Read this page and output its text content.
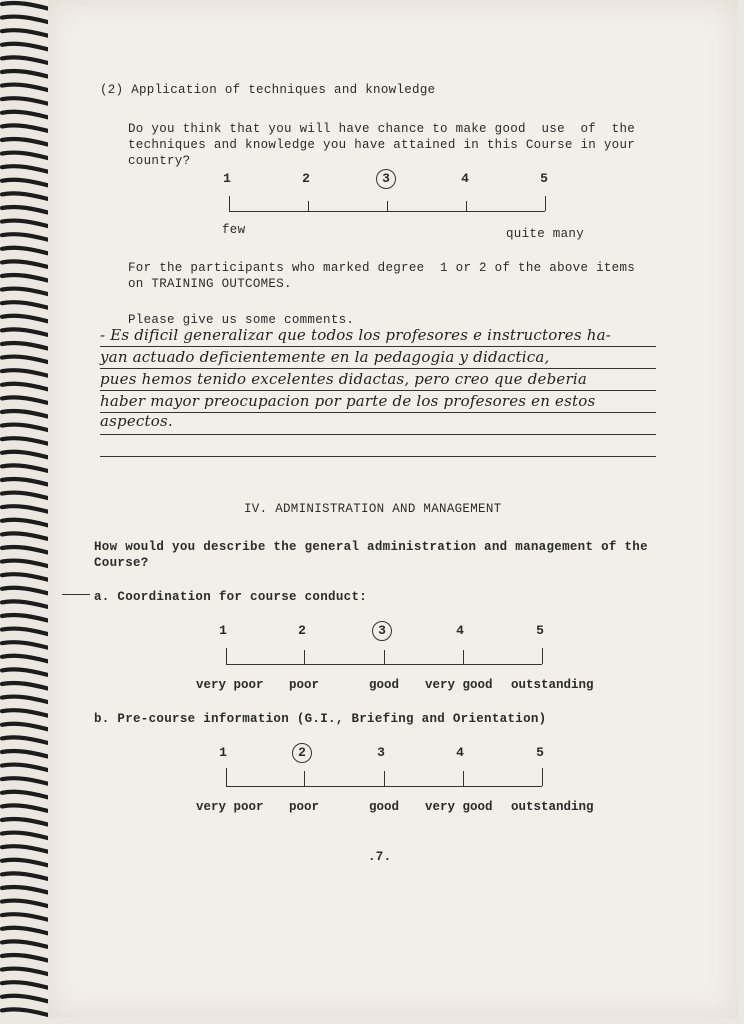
(2) Application of techniques and knowledge
Do you think that you will have chance to make good  use  of  the
techniques and knowledge you have attained in this Course in your
country?
1	2	3	4	5
few	quite many
For the participants who marked degree  1 or 2 of the above items
on TRAINING OUTCOMES.
Please give us some comments.
- Es dificil generalizar que todos los profesores e instructores ha-
yan actuado deficientemente en la pedagogia y didactica,
pues hemos tenido excelentes didactas, pero creo que deberia
haber mayor preocupacion por parte de los profesores en estos
aspectos.
IV. ADMINISTRATION AND MANAGEMENT
How would you describe the general administration and management of the
Course?
a. Coordination for course conduct:
1	2	3	4	5
very poor poor	good very good outstanding
b. Pre-course information (G.I., Briefing and Orientation)
1	2	3	4	5
very poor poor	good very good outstanding
.7.
